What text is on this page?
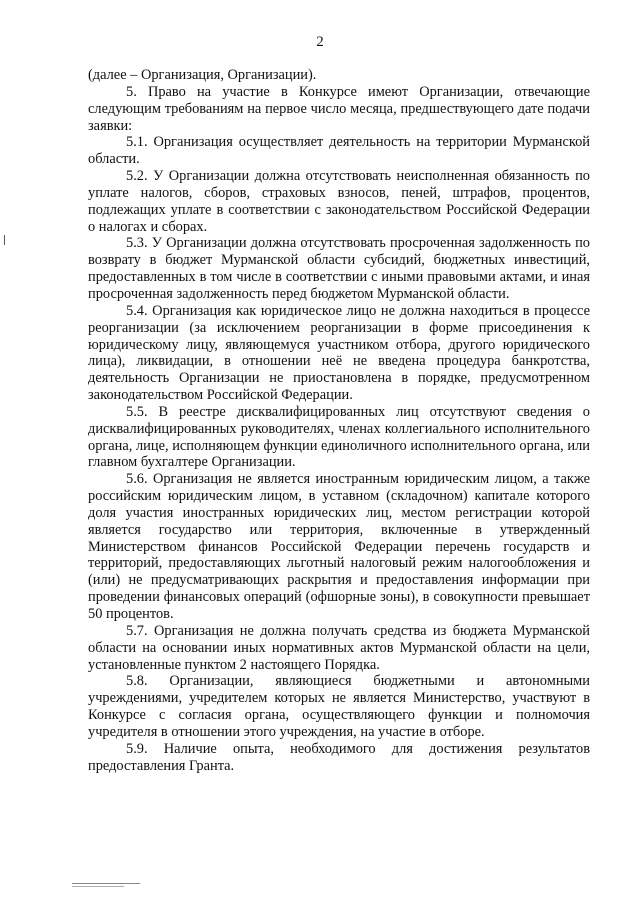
2

(далее – Организация, Организации).

5. Право на участие в Конкурсе имеют Организации, отвечающие следующим требованиям на первое число месяца, предшествующего дате подачи заявки:

5.1. Организация осуществляет деятельность на территории Мурманской области.

5.2. У Организации должна отсутствовать неисполненная обязанность по уплате налогов, сборов, страховых взносов, пеней, штрафов, процентов, подлежащих уплате в соответствии с законодательством Российской Федерации о налогах и сборах.

5.3. У Организации должна отсутствовать просроченная задолженность по возврату в бюджет Мурманской области субсидий, бюджетных инвестиций, предоставленных в том числе в соответствии с иными правовыми актами, и иная просроченная задолженность перед бюджетом Мурманской области.

5.4. Организация как юридическое лицо не должна находиться в процессе реорганизации (за исключением реорганизации в форме присоединения к юридическому лицу, являющемуся участником отбора, другого юридического лица), ликвидации, в отношении неё не введена процедура банкротства, деятельность Организации не приостановлена в порядке, предусмотренном законодательством Российской Федерации.

5.5. В реестре дисквалифицированных лиц отсутствуют сведения о дисквалифицированных руководителях, членах коллегиального исполнительного органа, лице, исполняющем функции единоличного исполнительного органа, или главном бухгалтере Организации.

5.6. Организация не является иностранным юридическим лицом, а также российским юридическим лицом, в уставном (складочном) капитале которого доля участия иностранных юридических лиц, местом регистрации которой является государство или территория, включенные в утвержденный Министерством финансов Российской Федерации перечень государств и территорий, предоставляющих льготный налоговый режим налогообложения и (или) не предусматривающих раскрытия и предоставления информации при проведении финансовых операций (офшорные зоны), в совокупности превышает 50 процентов.

5.7. Организация не должна получать средства из бюджета Мурманской области на основании иных нормативных актов Мурманской области на цели, установленные пунктом 2 настоящего Порядка.

5.8. Организации, являющиеся бюджетными и автономными учреждениями, учредителем которых не является Министерство, участвуют в Конкурсе с согласия органа, осуществляющего функции и полномочия учредителя в отношении этого учреждения, на участие в отборе.

5.9. Наличие опыта, необходимого для достижения результатов предоставления Гранта.
